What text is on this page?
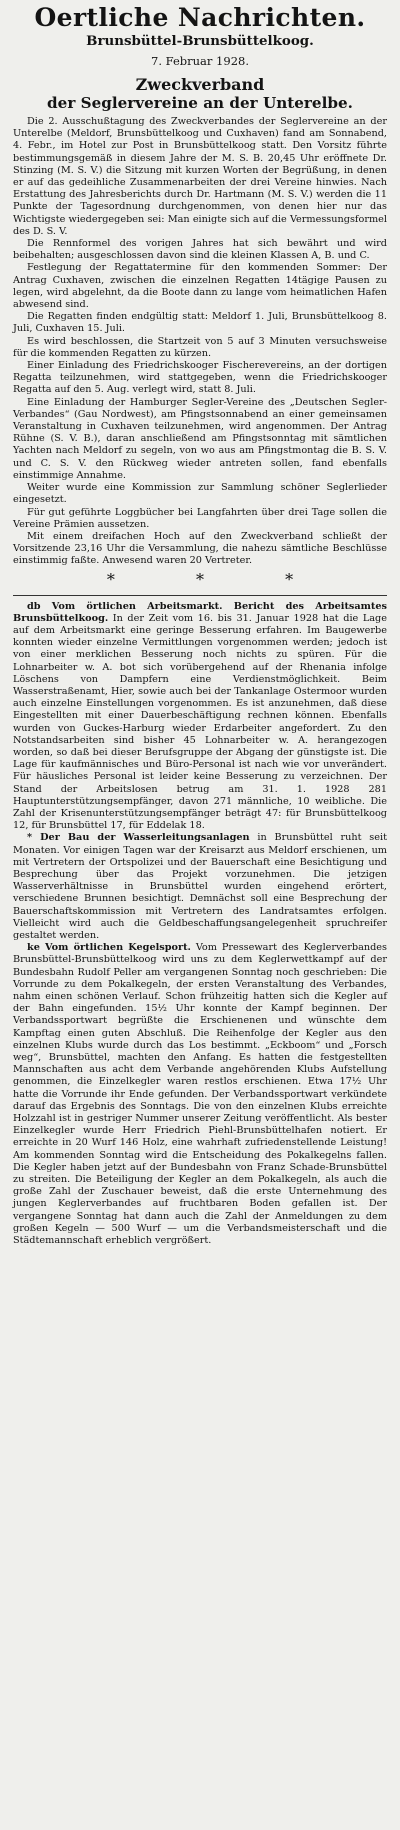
Oertliche Nachrichten.
Brunsbüttel-Brunsbüttelkoog.
7. Februar 1928.
Zweckverband
der Seglervereine an der Unterelbe.

Die 2. Ausschußtagung des Zweckverbandes der Seglervereine an der Unterelbe (Meldorf, Brunsbüttelkoog und Cuxhaven) fand am Sonnabend, 4. Febr., im Hotel zur Post in Brunsbüttelkoog statt. Den Vorsitz führte bestimmungsgemäß in diesem Jahre der M. S. B. 20,45 Uhr eröffnete Dr. Stinzing (M. S. V.) die Sitzung mit kurzen Worten der Begrüßung, in denen er auf das gedeihliche Zusammenarbeiten der drei Vereine hinwies. Nach Erstattung des Jahresberichts durch Dr. Hartmann (M. S. V.) werden die 11 Punkte der Tagesordnung durchgenommen, von denen hier nur das Wichtigste wiedergegeben sei: Man einigte sich auf die Vermessungsformel des D. S. V.

Die Rennformel des vorigen Jahres hat sich bewährt und wird beibehalten; ausgeschlossen davon sind die kleinen Klassen A, B. und C.

Festlegung der Regattatermine für den kommenden Sommer: Der Antrag Cuxhaven, zwischen die einzelnen Regatten 14tägige Pausen zu legen, wird abgelehnt, da die Boote dann zu lange vom heimatlichen Hafen abwesend sind.

Die Regatten finden endgültig statt: Meldorf 1. Juli, Brunsbüttelkoog 8. Juli, Cuxhaven 15. Juli.

Es wird beschlossen, die Startzeit von 5 auf 3 Minuten versuchsweise für die kommenden Regatten zu kürzen.

Einer Einladung des Friedrichskooger Fischerevereins, an der dortigen Regatta teilzunehmen, wird stattgegeben, wenn die Friedrichskooger Regatta auf den 5. Aug. verlegt wird, statt 8. Juli.

Eine Einladung der Hamburger Segler-Vereine des „Deutschen Segler-Verbandes“ (Gau Nordwest), am Pfingstsonnabend an einer gemeinsamen Veranstaltung in Cuxhaven teilzunehmen, wird angenommen. Der Antrag Rühne (S. V. B.), daran anschließend am Pfingstsonntag mit sämtlichen Yachten nach Meldorf zu segeln, von wo aus am Pfingstmontag die B. S. V. und C. S. V. den Rückweg wieder antreten sollen, fand ebenfalls einstimmige Annahme.

Weiter wurde eine Kommission zur Sammlung schöner Seglerlieder eingesetzt.

Für gut geführte Loggbücher bei Langfahrten über drei Tage sollen die Vereine Prämien aussetzen.

Mit einem dreifachen Hoch auf den Zweckverband schließt der Vorsitzende 23,16 Uhr die Versammlung, die nahezu sämtliche Beschlüsse einstimmig faßte. Anwesend waren 20 Vertreter.

* * *

db Vom örtlichen Arbeitsmarkt. Bericht des Arbeitsamtes Brunsbüttelkoog. In der Zeit vom 16. bis 31. Januar 1928 hat die Lage auf dem Arbeitsmarkt eine geringe Besserung erfahren. Im Baugewerbe konnten wieder einzelne Vermittlungen vorgenommen werden; jedoch ist von einer merklichen Besserung noch nichts zu spüren. Für die Lohnarbeiter w. A. bot sich vorübergehend auf der Rhenania infolge Löschens von Dampfern eine Verdienstmöglichkeit. Beim Wasserstraßenamt, Hier, sowie auch bei der Tankanlage Ostermoor wurden auch einzelne Einstellungen vorgenommen. Es ist anzunehmen, daß diese Eingestellten mit einer Dauerbeschäftigung rechnen können. Ebenfalls wurden von Guckes-Harburg wieder Erdarbeiter angefordert. Zu den Notstandsarbeiten sind bisher 45 Lohnarbeiter w. A. herangezogen worden, so daß bei dieser Berufsgruppe der Abgang der günstigste ist. Die Lage für kaufmännisches und Büro-Personal ist nach wie vor unverändert. Für häusliches Personal ist leider keine Besserung zu verzeichnen. Der Stand der Arbeitslosen betrug am 31. 1. 1928 281 Hauptunterstützungsempfänger, davon 271 männliche, 10 weibliche. Die Zahl der Krisenunterstützungsempfänger beträgt 47: für Brunsbüttelkoog 12, für Brunsbüttel 17, für Eddelak 18.

* Der Bau der Wasserleitungsanlagen in Brunsbüttel ruht seit Monaten. Vor einigen Tagen war der Kreisarzt aus Meldorf erschienen, um mit Vertretern der Ortspolizei und der Bauerschaft eine Besichtigung und Besprechung über das Projekt vorzunehmen. Die jetzigen Wasserverhältnisse in Brunsbüttel wurden eingehend erörtert, verschiedene Brunnen besichtigt. Demnächst soll eine Besprechung der Bauerschaftskommission mit Vertretern des Landratsamtes erfolgen. Vielleicht wird auch die Geldbeschaffungsangelegenheit spruchreifer gestaltet werden.

ke Vom örtlichen Kegelsport. Vom Pressewart des Keglerverbandes Brunsbüttel-Brunsbüttelkoog wird uns zu dem Keglerwettkampf auf der Bundesbahn Rudolf Peller am vergangenen Sonntag noch geschrieben: Die Vorrunde zu dem Pokalkegeln, der ersten Veranstaltung des Verbandes, nahm einen schönen Verlauf. Schon frühzeitig hatten sich die Kegler auf der Bahn eingefunden. 15½ Uhr konnte der Kampf beginnen. Der Verbandssportwart begrüßte die Erschienenen und wünschte dem Kampftag einen guten Abschluß. Die Reihenfolge der Kegler aus den einzelnen Klubs wurde durch das Los bestimmt. „Eckboom“ und „Forsch weg“, Brunsbüttel, machten den Anfang. Es hatten die festgestellten Mannschaften aus acht dem Verbande angehörenden Klubs Aufstellung genommen, die Einzelkegler waren restlos erschienen. Etwa 17½ Uhr hatte die Vorrunde ihr Ende gefunden. Der Verbandssportwart verkündete darauf das Ergebnis des Sonntags. Die von den einzelnen Klubs erreichte Holzzahl ist in gestriger Nummer unserer Zeitung veröffentlicht. Als bester Einzelkegler wurde Herr Friedrich Piehl-Brunsbüttelhafen notiert. Er erreichte in 20 Wurf 146 Holz, eine wahrhaft zufriedenstellende Leistung! Am kommenden Sonntag wird die Entscheidung des Pokalkegelns fallen. Die Kegler haben jetzt auf der Bundesbahn von Franz Schade-Brunsbüttel zu streiten. Die Beteiligung der Kegler an dem Pokalkegeln, als auch die große Zahl der Zuschauer beweist, daß die erste Unternehmung des jungen Keglerverbandes auf fruchtbaren Boden gefallen ist. Der vergangene Sonntag hat dann auch die Zahl der Anmeldungen zu dem großen Kegeln — 500 Wurf — um die Verbandsmeisterschaft und die Städtemannschaft erheblich vergrößert.
